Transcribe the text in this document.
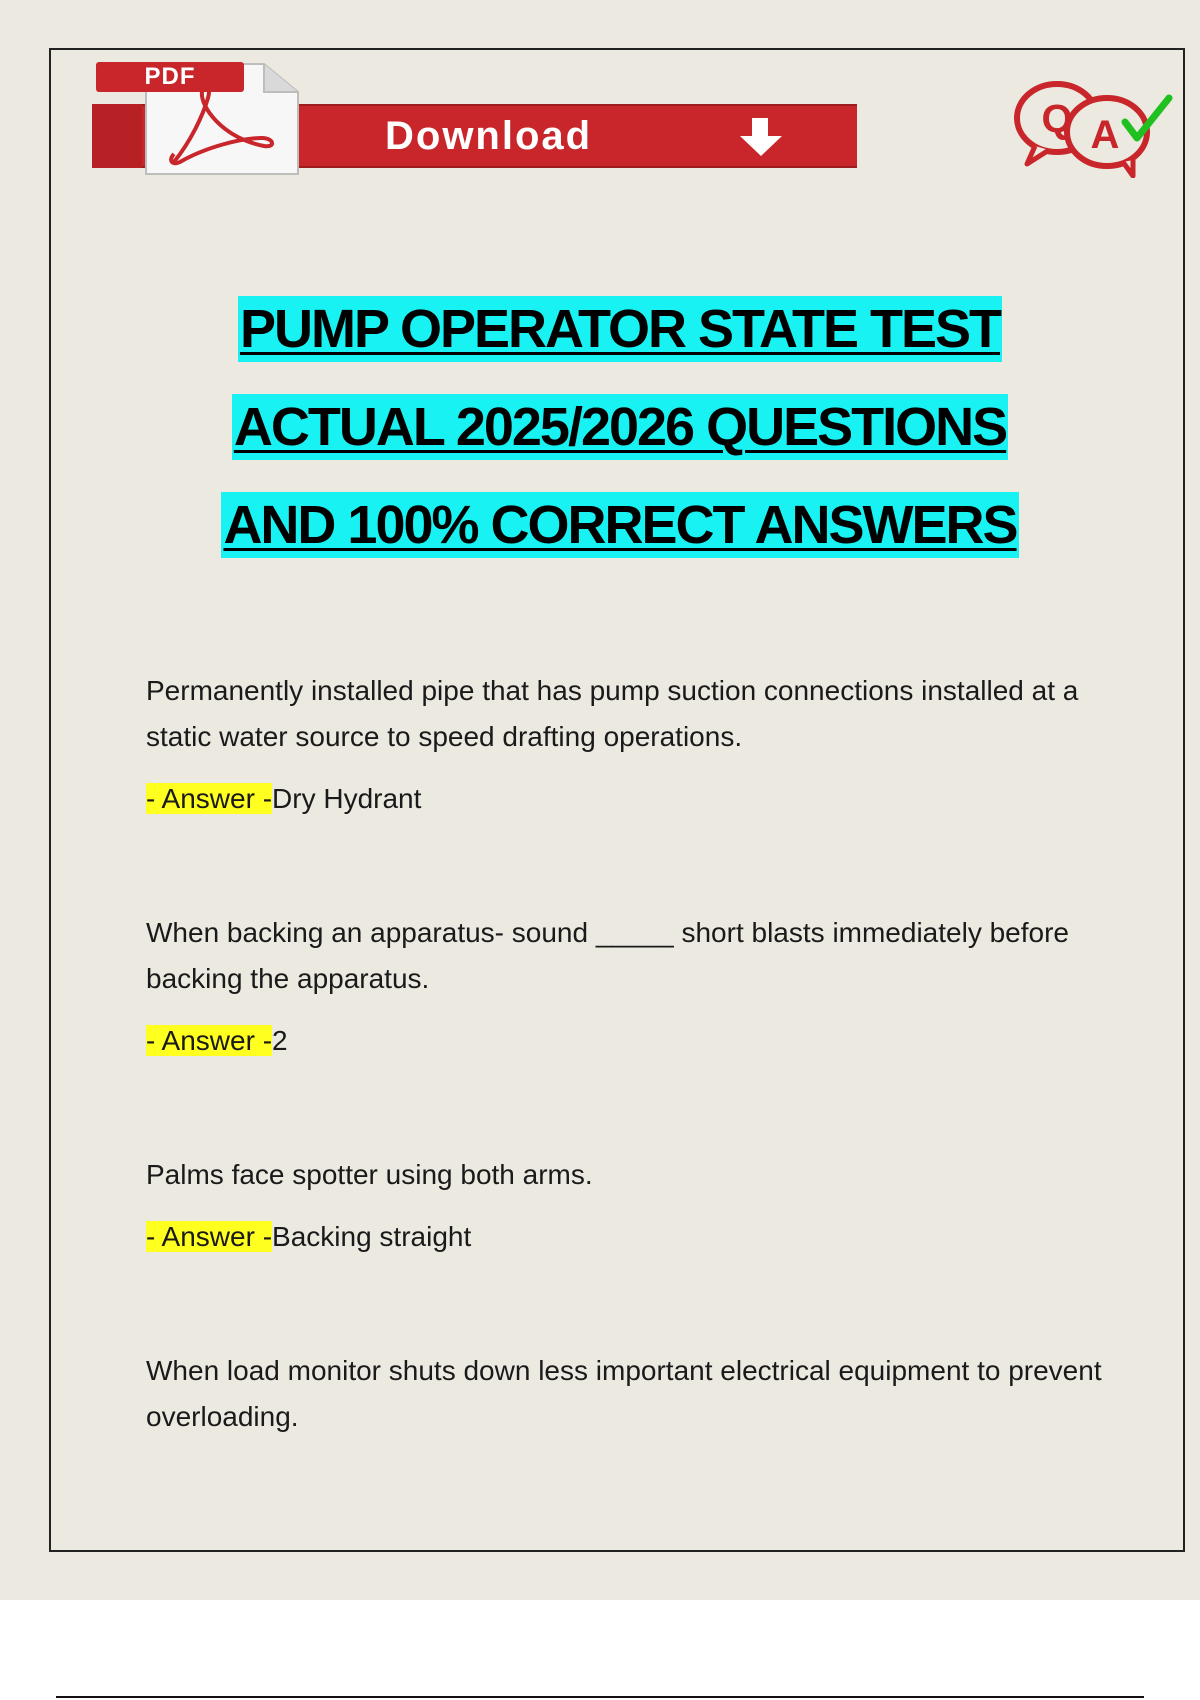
PDF
Download	Q A
PUMP OPERATOR STATE TEST
ACTUAL 2025/2026 QUESTIONS
AND 100% CORRECT ANSWERS

Permanently installed pipe that has pump suction connections installed at a static water source to speed drafting operations.

- Answer -Dry Hydrant

When backing an apparatus- sound _____ short blasts immediately before backing the apparatus.

- Answer -2

Palms face spotter using both arms.

- Answer -Backing straight

When load monitor shuts down less important electrical equipment to prevent overloading.
